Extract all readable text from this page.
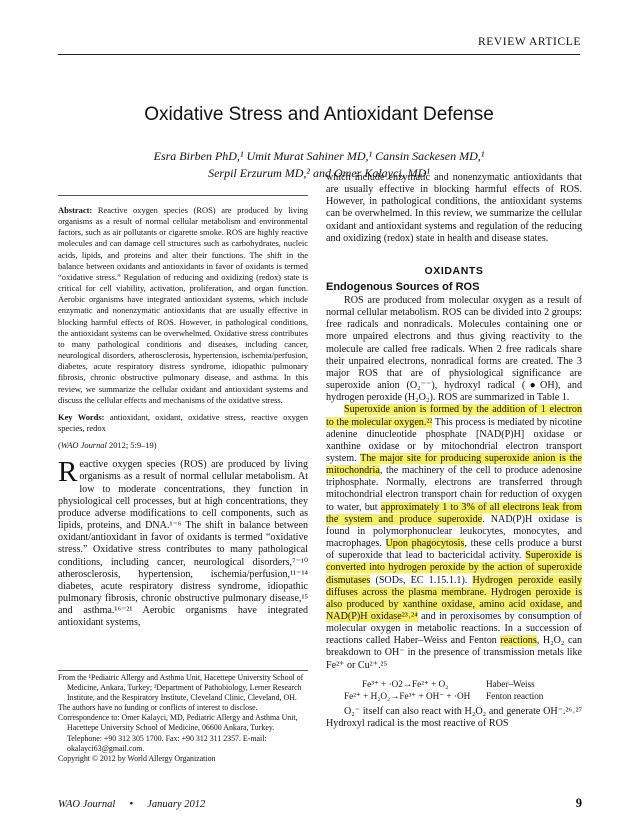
REVIEW ARTICLE
Oxidative Stress and Antioxidant Defense
Esra Birben PhD,¹ Umit Murat Sahiner MD,¹ Cansin Sackesen MD,¹
Serpil Erzurum MD,² and Omer Kalayci, MD¹

Abstract: Reactive oxygen species (ROS) are produced by living organisms as a result of normal cellular metabolism and environmental factors, such as air pollutants or cigarette smoke. ROS are highly reactive molecules and can damage cell structures such as carbohydrates, nucleic acids, lipids, and proteins and alter their functions. The shift in the balance between oxidants and antioxidants in favor of oxidants is termed “oxidative stress.” Regulation of reducing and oxidizing (redox) state is critical for cell viability, activation, proliferation, and organ function. Aerobic organisms have integrated antioxidant systems, which include enzymatic and nonenzymatic antioxidants that are usually effective in blocking harmful effects of ROS. However, in pathological conditions, the antioxidant systems can be overwhelmed. Oxidative stress contributes to many pathological conditions and diseases, including cancer, neurological disorders, atherosclerosis, hypertension, ischemia/perfusion, diabetes, acute respiratory distress syndrome, idiopathic pulmonary fibrosis, chronic obstructive pulmonary disease, and asthma. In this review, we summarize the cellular oxidant and antioxidant systems and discuss the cellular effects and mechanisms of the oxidative stress.

Key Words: antioxidant, oxidant, oxidative stress, reactive oxygen species, redox

(WAO Journal 2012; 5:9–19)

Reactive oxygen species (ROS) are produced by living organisms as a result of normal cellular metabolism. At low to moderate concentrations, they function in physiological cell processes, but at high concentrations, they produce adverse modifications to cell components, such as lipids, proteins, and DNA.¹⁻⁶ The shift in balance between oxidant/antioxidant in favor of oxidants is termed “oxidative stress.” Oxidative stress contributes to many pathological conditions, including cancer, neurological disorders,⁷⁻¹⁰ atherosclerosis, hypertension, ischemia/perfusion,¹¹⁻¹⁴ diabetes, acute respiratory distress syndrome, idiopathic pulmonary fibrosis, chronic obstructive pulmonary disease,¹⁵ and asthma.¹⁶⁻²¹ Aerobic organisms have integrated antioxidant systems,

From the ¹Pediatric Allergy and Asthma Unit, Hacettepe University School of Medicine, Ankara, Turkey; ²Department of Pathobiology, Lerner Research Institute, and the Respiratory Institute, Cleveland Clinic, Cleveland, OH.

The authors have no funding or conflicts of interest to disclose.

Correspondence to: Omer Kalayci, MD, Pediatric Allergy and Asthma Unit, Hacettepe University School of Medicine, 06600 Ankara, Turkey. Telephone: +90 312 305 1700. Fax: +90 312 311 2357. E-mail: okalayci63@gmail.com.

Copyright © 2012 by World Allergy Organization

which include enzymatic and nonenzymatic antioxidants that are usually effective in blocking harmful effects of ROS. However, in pathological conditions, the antioxidant systems can be overwhelmed. In this review, we summarize the cellular oxidant and antioxidant systems and regulation of the reducing and oxidizing (redox) state in health and disease states.
OXIDANTS
Endogenous Sources of ROS
ROS are produced from molecular oxygen as a result of normal cellular metabolism. ROS can be divided into 2 groups: free radicals and nonradicals. Molecules containing one or more unpaired electrons and thus giving reactivity to the molecule are called free radicals. When 2 free radicals share their unpaired electrons, nonradical forms are created. The 3 major ROS that are of physiological significance are superoxide anion (O₂⁻⁻), hydroxyl radical (●OH), and hydrogen peroxide (H₂O₂). ROS are summarized in Table 1.
Superoxide anion is formed by the addition of 1 electron to the molecular oxygen.²² This process is mediated by nicotine adenine dinucleotide phosphate [NAD(P)H] oxidase or xanthine oxidase or by mitochondrial electron transport system. The major site for producing superoxide anion is the mitochondria, the machinery of the cell to produce adenosine triphosphate. Normally, electrons are transferred through mitochondrial electron transport chain for reduction of oxygen to water, but approximately 1 to 3% of all electrons leak from the system and produce superoxide. NAD(P)H oxidase is found in polymorphonuclear leukocytes, monocytes, and macrophages. Upon phagocytosis, these cells produce a burst of superoxide that lead to bactericidal activity. Superoxide is converted into hydrogen peroxide by the action of superoxide dismutases (SODs, EC 1.15.1.1). Hydrogen peroxide easily diffuses across the plasma membrane. Hydrogen peroxide is also produced by xanthine oxidase, amino acid oxidase, and NAD(P)H oxidase²³˒²⁴ and in peroxisomes by consumption of molecular oxygen in metabolic reactions. In a succession of reactions called Haber–Weiss and Fenton reactions, H₂O₂ can breakdown to OH⁻ in the presence of transmission metals like Fe²⁺ or Cu²⁺.²⁵
Fe³⁺ + ·O2→Fe²⁺ + O₂	Haber–Weiss
Fe²⁺ + H₂O₂→Fe³⁺ + OH⁻ + ·OH Fenton reaction
O₂⁻ itself can also react with H₂O₂ and generate OH⁻.²⁶˒²⁷ Hydroxyl radical is the most reactive of ROS
WAO Journal • January 2012	9
